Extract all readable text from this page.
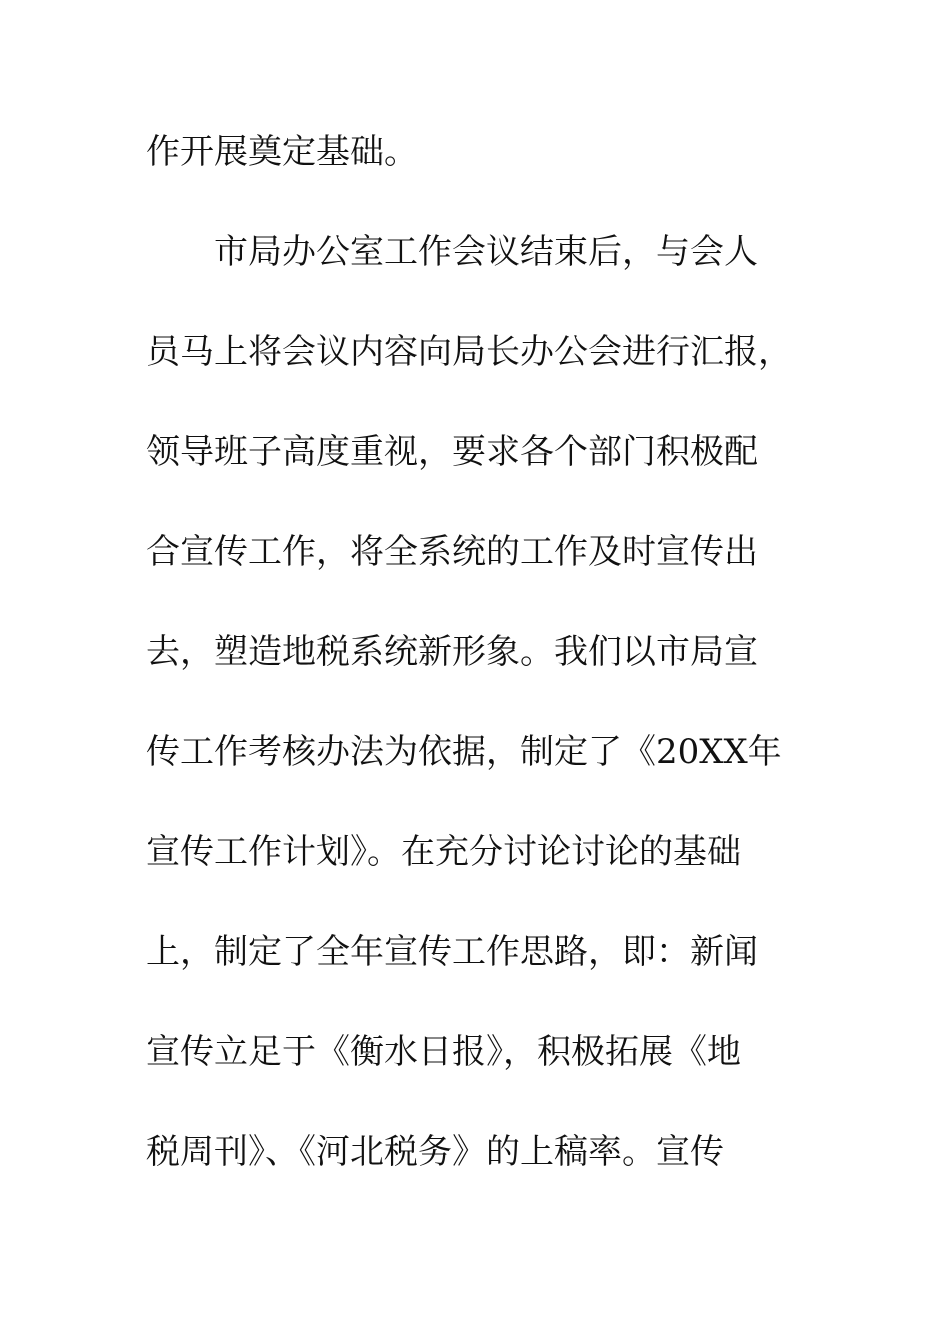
作开展奠定基础。
市局办公室工作会议结束后，与会人
员马上将会议内容向局长办公会进行汇报，
领导班子高度重视，要求各个部门积极配
合宣传工作，将全系统的工作及时宣传出
去，塑造地税系统新形象。我们以市局宣
传工作考核办法为依据，制定了《20XX年
宣传工作计划》。在充分讨论讨论的基础
上，制定了全年宣传工作思路，即：新闻
宣传立足于《衡水日报》，积极拓展《地
税周刊》、《河北税务》的上稿率。宣传
